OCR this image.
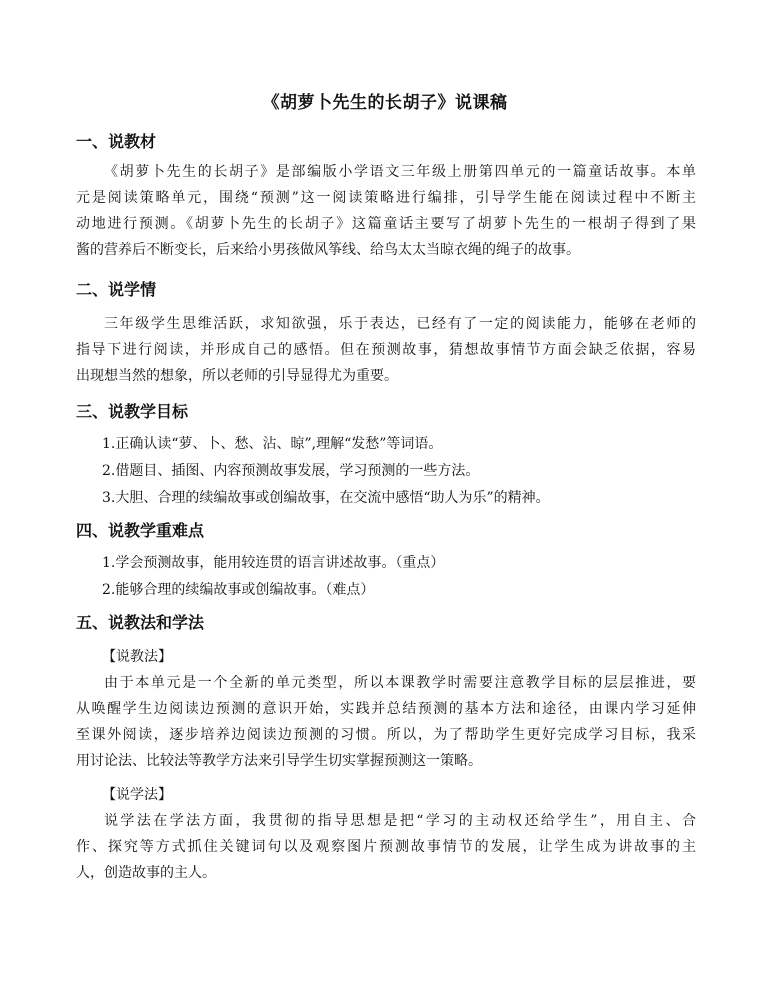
《胡萝卜先生的长胡子》说课稿
一、说教材
《胡萝卜先生的长胡子》是部编版小学语文三年级上册第四单元的一篇童话故事。本单
元是阅读策略单元，围绕“预测”这一阅读策略进行编排，引导学生能在阅读过程中不断主
动地进行预测。《胡萝卜先生的长胡子》这篇童话主要写了胡萝卜先生的一根胡子得到了果
酱的营养后不断变长，后来给小男孩做风筝线、给鸟太太当晾衣绳的绳子的故事。
二、说学情
三年级学生思维活跃，求知欲强，乐于表达，已经有了一定的阅读能力，能够在老师的
指导下进行阅读，并形成自己的感悟。但在预测故事，猜想故事情节方面会缺乏依据，容易
出现想当然的想象，所以老师的引导显得尤为重要。
三、说教学目标
1.正确认读“萝、卜、愁、沾、晾”,理解“发愁”等词语。
2.借题目、插图、内容预测故事发展，学习预测的一些方法。
3.大胆、合理的续编故事或创编故事，在交流中感悟“助人为乐”的精神。
四、说教学重难点
1.学会预测故事，能用较连贯的语言讲述故事。（重点）
2.能够合理的续编故事或创编故事。（难点）
五、说教法和学法
【说教法】
由于本单元是一个全新的单元类型，所以本课教学时需要注意教学目标的层层推进，要
从唤醒学生边阅读边预测的意识开始，实践并总结预测的基本方法和途径，由课内学习延伸
至课外阅读，逐步培养边阅读边预测的习惯。所以，为了帮助学生更好完成学习目标，我采
用讨论法、比较法等教学方法来引导学生切实掌握预测这一策略。
【说学法】
说学法在学法方面，我贯彻的指导思想是把“学习的主动权还给学生”，用自主、合
作、探究等方式抓住关键词句以及观察图片预测故事情节的发展，让学生成为讲故事的主
人，创造故事的主人。
